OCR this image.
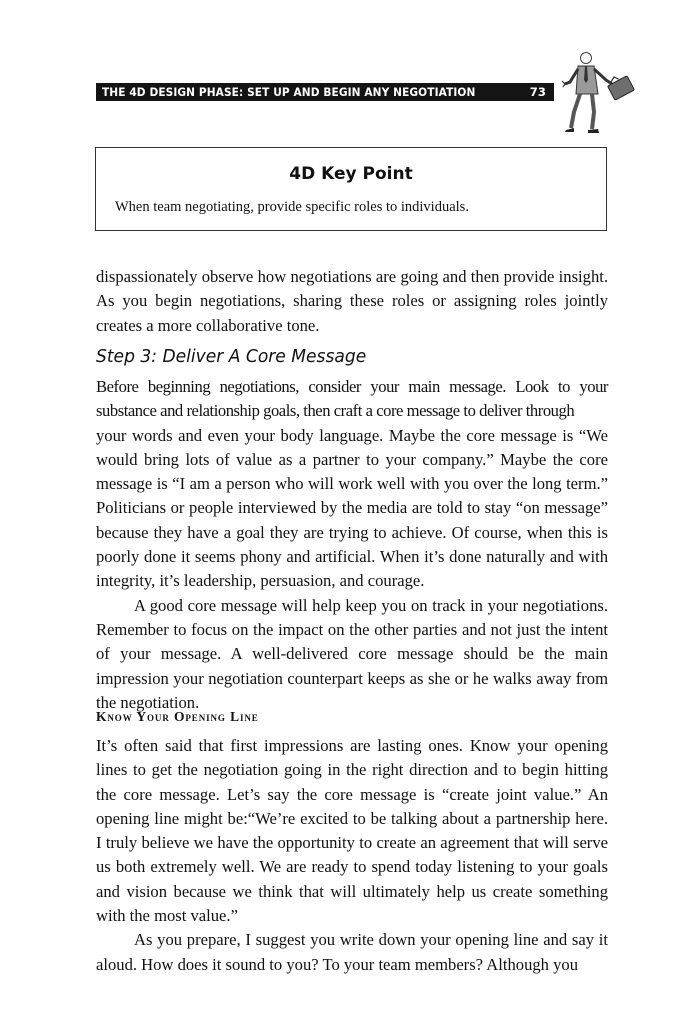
THE 4D DESIGN PHASE: SET UP AND BEGIN ANY NEGOTIATION	73
4D Key Point
When team negotiating, provide specific roles to individuals.

dispassionately observe how negotiations are going and then provide insight. As you begin negotiations, sharing these roles or assigning roles jointly creates a more collaborative tone.

Step 3: Deliver A Core Message

Before beginning negotiations, consider your main message. Look to your substance and relationship goals, then craft a core message to deliver through

your words and even your body language. Maybe the core message is “We would bring lots of value as a partner to your company.” Maybe the core message is “I am a person who will work well with you over the long term.” Politicians or people interviewed by the media are told to stay “on message” because they have a goal they are trying to achieve. Of course, when this is poorly done it seems phony and artificial. When it’s done naturally and with integrity, it’s leadership, persuasion, and courage.

A good core message will help keep you on track in your negotiations. Remember to focus on the impact on the other parties and not just the intent of your message. A well-delivered core message should be the main impression your negotiation counterpart keeps as she or he walks away from the negotiation.

Know Your Opening Line

It’s often said that first impressions are lasting ones. Know your opening lines to get the negotiation going in the right direction and to begin hitting the core message. Let’s say the core message is “create joint value.” An opening line might be:“We’re excited to be talking about a partnership here. I truly believe we have the opportunity to create an agreement that will serve us both extremely well. We are ready to spend today listening to your goals and vision because we think that will ultimately help us create something with the most value.”

As you prepare, I suggest you write down your opening line and say it aloud. How does it sound to you? To your team members? Although you
